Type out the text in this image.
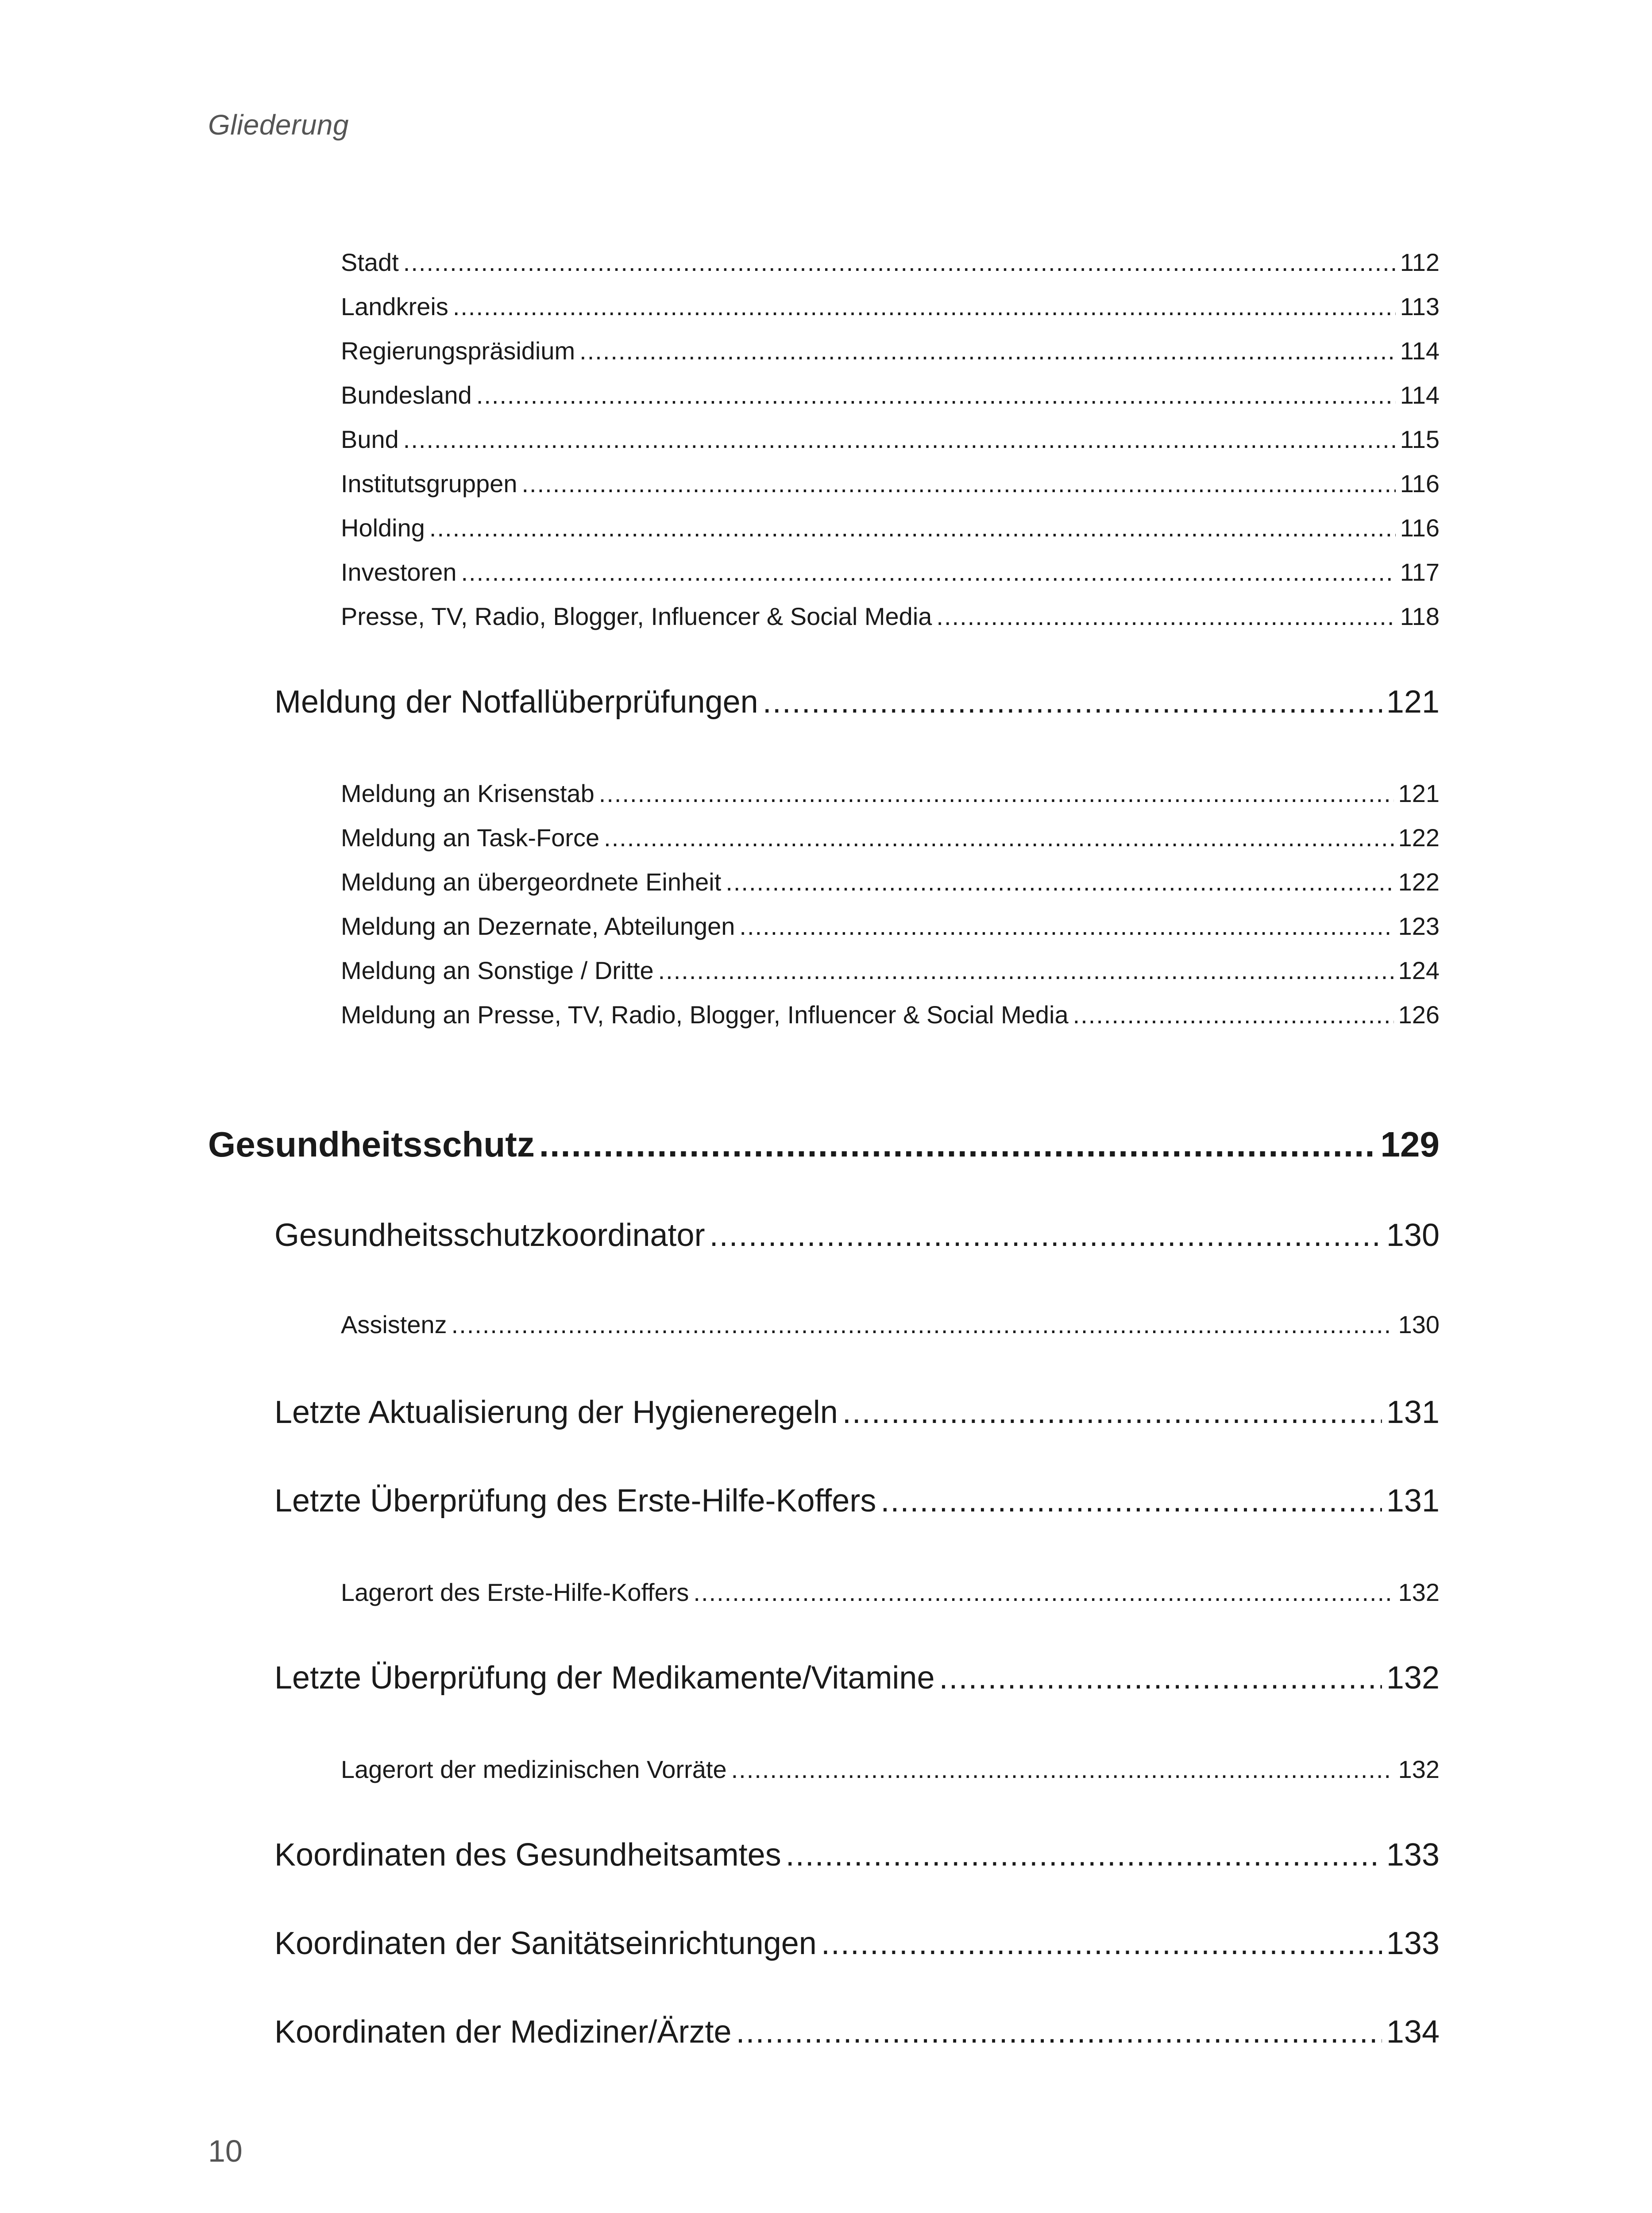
Gliederung
Stadt .....	112
Landkreis .....	113
Regierungspräsidium .....	114
Bundesland .....	114
Bund .....	115
Institutsgruppen .....	116
Holding .....	116
Investoren .....	117
Presse, TV, Radio, Blogger, Influencer & Social Media .....	118
Meldung der Notfallüberprüfungen .....	121
Meldung an Krisenstab .....	121
Meldung an Task-Force .....	122
Meldung an übergeordnete Einheit .....	122
Meldung an Dezernate, Abteilungen .....	123
Meldung an Sonstige / Dritte .....	124
Meldung an Presse, TV, Radio, Blogger, Influencer & Social Media .....	126
Gesundheitsschutz .....	129
Gesundheitsschutzkoordinator .....	130
Assistenz .....	130
Letzte Aktualisierung der Hygieneregeln .....	131
Letzte Überprüfung des Erste-Hilfe-Koffers .....	131
Lagerort des Erste-Hilfe-Koffers .....	132
Letzte Überprüfung der Medikamente/Vitamine .....	132
Lagerort der medizinischen Vorräte .....	132
Koordinaten des Gesundheitsamtes .....	133
Koordinaten der Sanitätseinrichtungen .....	133
Koordinaten der Mediziner/Ärzte .....	134
10
